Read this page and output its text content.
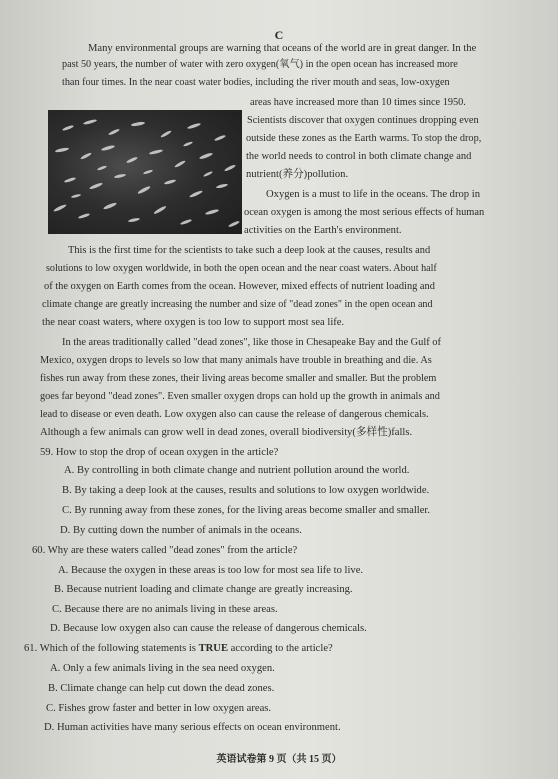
C
Many environmental groups are warning that oceans of the world are in great danger. In the
past 50 years, the number of water with zero oxygen(氧气) in the open ocean has increased more
than four times. In the near coast water bodies, including the river mouth and seas, low-oxygen
areas have increased more than 10 times since 1950.
Scientists discover that oxygen continues dropping even
outside these zones as the Earth warms. To stop the drop,
the world needs to control in both climate change and
nutrient(养分)pollution.
Oxygen is a must to life in the oceans. The drop in
ocean oxygen is among the most serious effects of human
activities on the Earth's environment.
This is the first time for the scientists to take such a deep look at the causes, results and
solutions to low oxygen worldwide, in both the open ocean and the near coast waters. About half
of the oxygen on Earth comes from the ocean. However, mixed effects of nutrient loading and
climate change are greatly increasing the number and size of "dead zones" in the open ocean and
the near coast waters, where oxygen is too low to support most sea life.
In the areas traditionally called "dead zones", like those in Chesapeake Bay and the Gulf of
Mexico, oxygen drops to levels so low that many animals have trouble in breathing and die. As
fishes run away from these zones, their living areas become smaller and smaller. But the problem
goes far beyond "dead zones". Even smaller oxygen drops can hold up the growth in animals and
lead to disease or even death. Low oxygen also can cause the release of dangerous chemicals.
Although a few animals can grow well in dead zones, overall biodiversity(多样性)falls.
59. How to stop the drop of ocean oxygen in the article?
A. By controlling in both climate change and nutrient pollution around the world.
B. By taking a deep look at the causes, results and solutions to low oxygen worldwide.
C. By running away from these zones, for the living areas become smaller and smaller.
D. By cutting down the number of animals in the oceans.
60. Why are these waters called "dead zones" from the article?
A. Because the oxygen in these areas is too low for most sea life to live.
B. Because nutrient loading and climate change are greatly increasing.
C. Because there are no animals living in these areas.
D. Because low oxygen also can cause the release of dangerous chemicals.
61. Which of the following statements is TRUE according to the article?
A. Only a few animals living in the sea need oxygen.
B. Climate change can help cut down the dead zones.
C. Fishes grow faster and better in low oxygen areas.
D. Human activities have many serious effects on ocean environment.
英语试卷第 9 页（共 15 页）
